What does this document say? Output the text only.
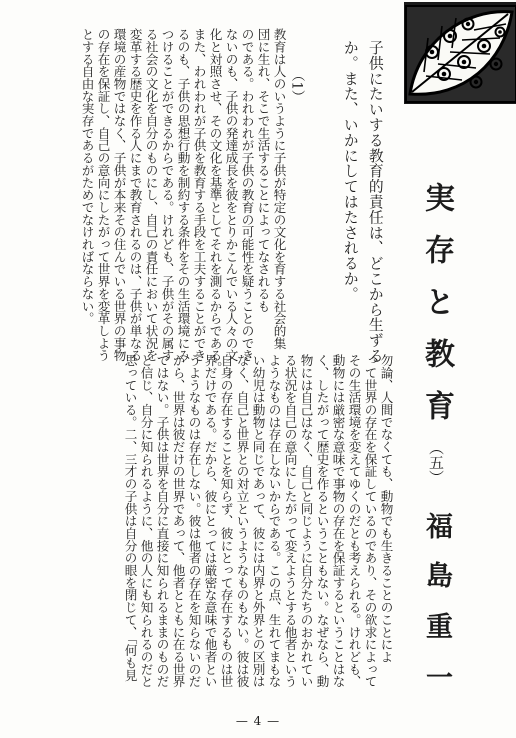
実
存
と
教
育
（五）
福
島
重
一
子供にたいする教育的責任は、どこから生ずる
か。また、いかにしてはたされるか。
（1）
勿論、人間でなくても、動物でも生きることのことによ
って世界の存在を保証しているのであり、その欲求によって
その生活環境を変えてゆくのだとも考えられる。けれども、
動物には厳密な意味で事物の存在を保証するということはな
く、したがって歴史を作るということもない。なぜなら、動
物には自己はなく、自己と同じように自分たちのおかれてい
る状況を自己の意向にしたがって変えようとする他者という
ようなものは存在しないからである。この点、生れてまもな
い幼児は動物と同じであって、彼には内界と外界との区別は
なく、自己と世界との対立というようなものもない。彼は彼
自身の存在することを知らず、彼にとって存在するものは世
界だけである。だから、彼にとっては厳密な意味で他者とい
うようなものは存在しない。彼は他者の存在を知らないのだ
から、世界は彼だけの世界であって、他者とともに在る世界
ではない。子供は世界を自分に直接に知られるままのものだ
と信じ、自分に知られるように、他の人にも知られるのだと
思っている。二、三才の子供は自分の眼を閉じて、「何も見
教育は人のいうように子供が特定の文化を育する社会的集
団に生れ、そこで生活することによってなされるも
のである。われわれが子供の教育の可能性を疑うことのでき
ないのも、子供の発達成長を彼をとりかこんでいる人々の文
化と対照させ、その文化を基準としてそれを測るからである。
また、われわれが子供を教育する手段を工夫することができ
るのも、子供の思想行動を制約する条件をその生活環境にみ
つけることができるからである。けれども、子供がその属す
る社会の文化を自分のものにし、自己の責任において状況を
変革する歴史を作る人にまで教育されるのは、子供が単なる
環境の産物ではなく、子供が本来その住んでいる世界の事物
の存在を保証し、自己の意向にしたがって世界を変革しよう
とする自由な実存であるがためでなければならない。
— 4 —
